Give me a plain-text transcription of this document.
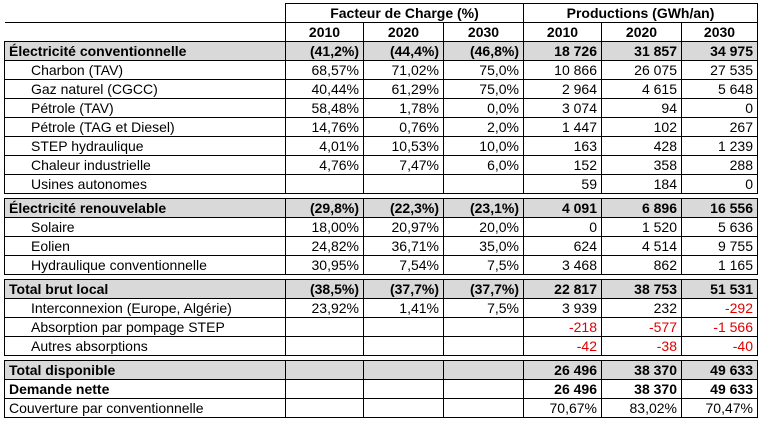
	Facteur de Charge (%)			Productions (GWh/an)		
	2010	2020	2030	2010	2020	2030
Électricité conventionnelle	(41,2%)	(44,4%)	(46,8%)	18 726	31 857	34 975
Charbon (TAV)	68,57%	71,02%	75,0%	10 866	26 075	27 535
Gaz naturel (CGCC)	40,44%	61,29%	75,0%	2 964	4 615	5 648
Pétrole (TAV)	58,48%	1,78%	0,0%	3 074	94	0
Pétrole (TAG et Diesel)	14,76%	0,76%	2,0%	1 447	102	267
STEP hydraulique	4,01%	10,53%	10,0%	163	428	1 239
Chaleur industrielle	4,76%	7,47%	6,0%	152	358	288
Usines autonomes				59	184	0

Électricité renouvelable	(29,8%)	(22,3%)	(23,1%)	4 091	6 896	16 556
Solaire	18,00%	20,97%	20,0%	0	1 520	5 636
Eolien	24,82%	36,71%	35,0%	624	4 514	9 755
Hydraulique conventionnelle	30,95%	7,54%	7,5%	3 468	862	1 165

Total brut local	(38,5%)	(37,7%)	(37,7%)	22 817	38 753	51 531
Interconnexion (Europe, Algérie)	23,92%	1,41%	7,5%	3 939	232	-292
Absorption par pompage STEP				-218	-577	-1 566
Autres absorptions				-42	-38	-40

Total disponible				26 496	38 370	49 633
Demande nette				26 496	38 370	49 633
Couverture par conventionnelle				70,67%	83,02%	70,47%
